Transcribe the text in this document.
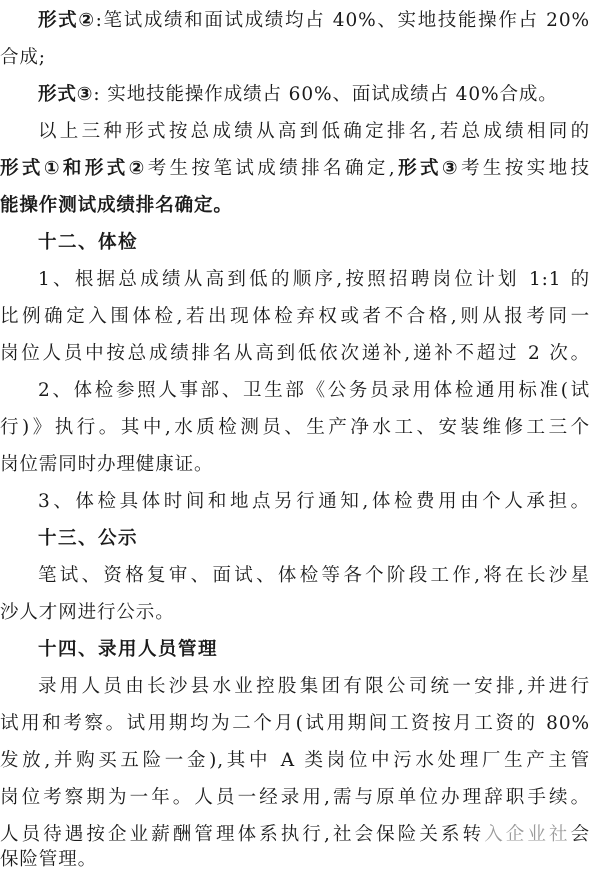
形式②:笔试成绩和面试成绩均占 40%、实地技能操作占 20%
合成;
形式③: 实地技能操作成绩占 60%、面试成绩占 40%合成。
以上三种形式按总成绩从高到低确定排名,若总成绩相同的
形式①和形式②考生按笔试成绩排名确定,形式③考生按实地技
能操作测试成绩排名确定。
十二、体检
1、根据总成绩从高到低的顺序,按照招聘岗位计划 1:1 的
比例确定入围体检,若出现体检弃权或者不合格,则从报考同一
岗位人员中按总成绩排名从高到低依次递补,递补不超过 2 次。
2、体检参照人事部、卫生部《公务员录用体检通用标准(试
行)》执行。其中,水质检测员、生产净水工、安装维修工三个
岗位需同时办理健康证。
3、体检具体时间和地点另行通知,体检费用由个人承担。
十三、公示
笔试、资格复审、面试、体检等各个阶段工作,将在长沙星
沙人才网进行公示。
十四、录用人员管理
录用人员由长沙县水业控股集团有限公司统一安排,并进行
试用和考察。试用期均为二个月(试用期间工资按月工资的 80%
发放,并购买五险一金),其中 A 类岗位中污水处理厂生产主管
岗位考察期为一年。人员一经录用,需与原单位办理辞职手续。
人员待遇按企业薪酬管理体系执行,社会保险关系转入企业社会
保险管理。
